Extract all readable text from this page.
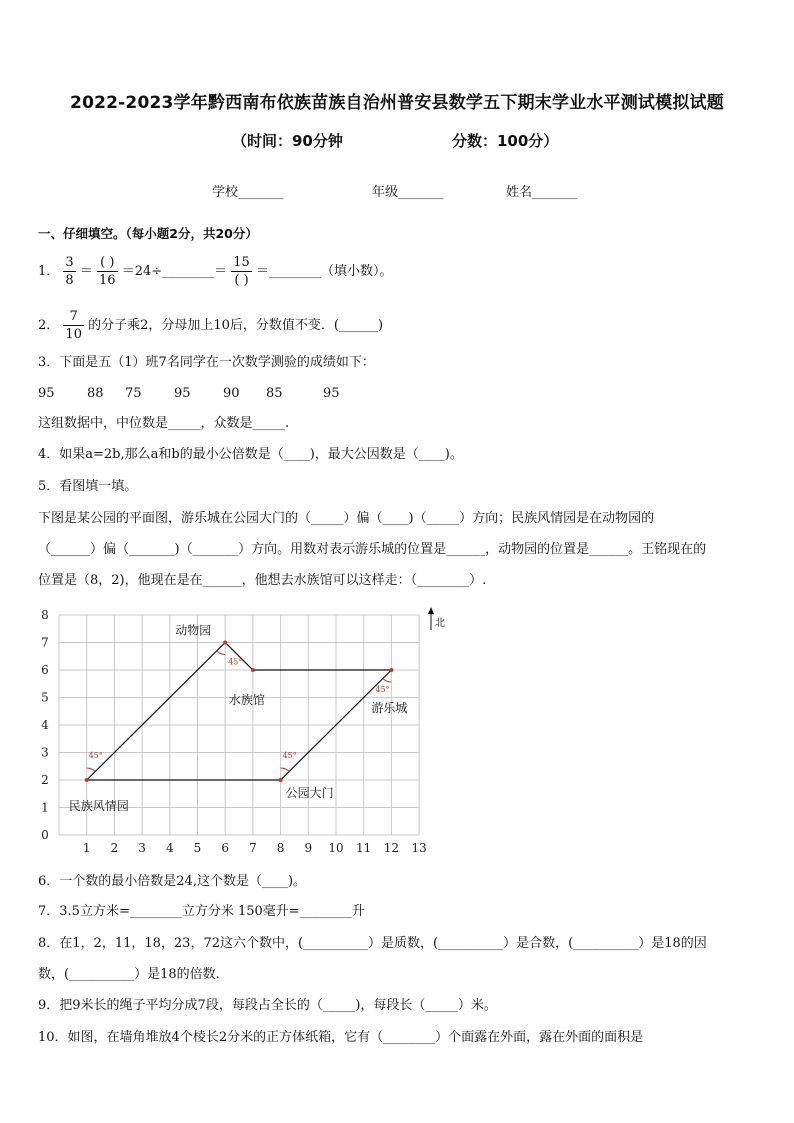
2022-2023学年黔西南布依族苗族自治州普安县数学五下期末学业水平测试模拟试题
（时间：90分钟	分数：100分）
学校_______	年级_______	姓名_______
一、仔细填空。（每小题2分，共20分）
1． $\frac{3}{8} = \frac{( )}{16}$ ＝24÷________＝ $\frac{15}{( )}$ ＝________（填小数）。
2． $\frac{7}{10}$ 的分子乘2，分母加上10后，分数值不变．(______)
3．下面是五（1）班7名同学在一次数学测验的成绩如下：
95 88 75 95 90 85	95
这组数据中，中位数是_____，众数是_____.
4．如果a=2b,那么a和b的最小公倍数是（____)，最大公因数是（____)。
5．看图填一填。
下图是某公园的平面图，游乐城在公园大门的（_____）偏（____)（_____）方向；民族风情园是在动物园的
（______）偏（_______)（_______）方向。用数对表示游乐城的位置是______，动物园的位置是______。王铭现在的
位置是（8，2)，他现在是在______，他想去水族馆可以这样走：（________）.
1 2 3 4 5 6 7 8 9 10 11 12 13
0
1
2
3
4
5
6
7
8
45°	45°
45°
45°
动物园
水族馆
游乐城
民族风情园
公园大门
北
6．一个数的最小倍数是24,这个数是（____)。
7．3.5立方米=________立方分米 150毫升=________升
8．在1，2，11，18，23，72这六个数中，(__________）是质数，(__________）是合数，(__________）是18的因
数，(__________）是18的倍数.
9．把9米长的绳子平均分成7段，每段占全长的（_____)，每段长（_____）米。
10．如图，在墙角堆放4个棱长2分米的正方体纸箱，它有（________）个面露在外面，露在外面的面积是
